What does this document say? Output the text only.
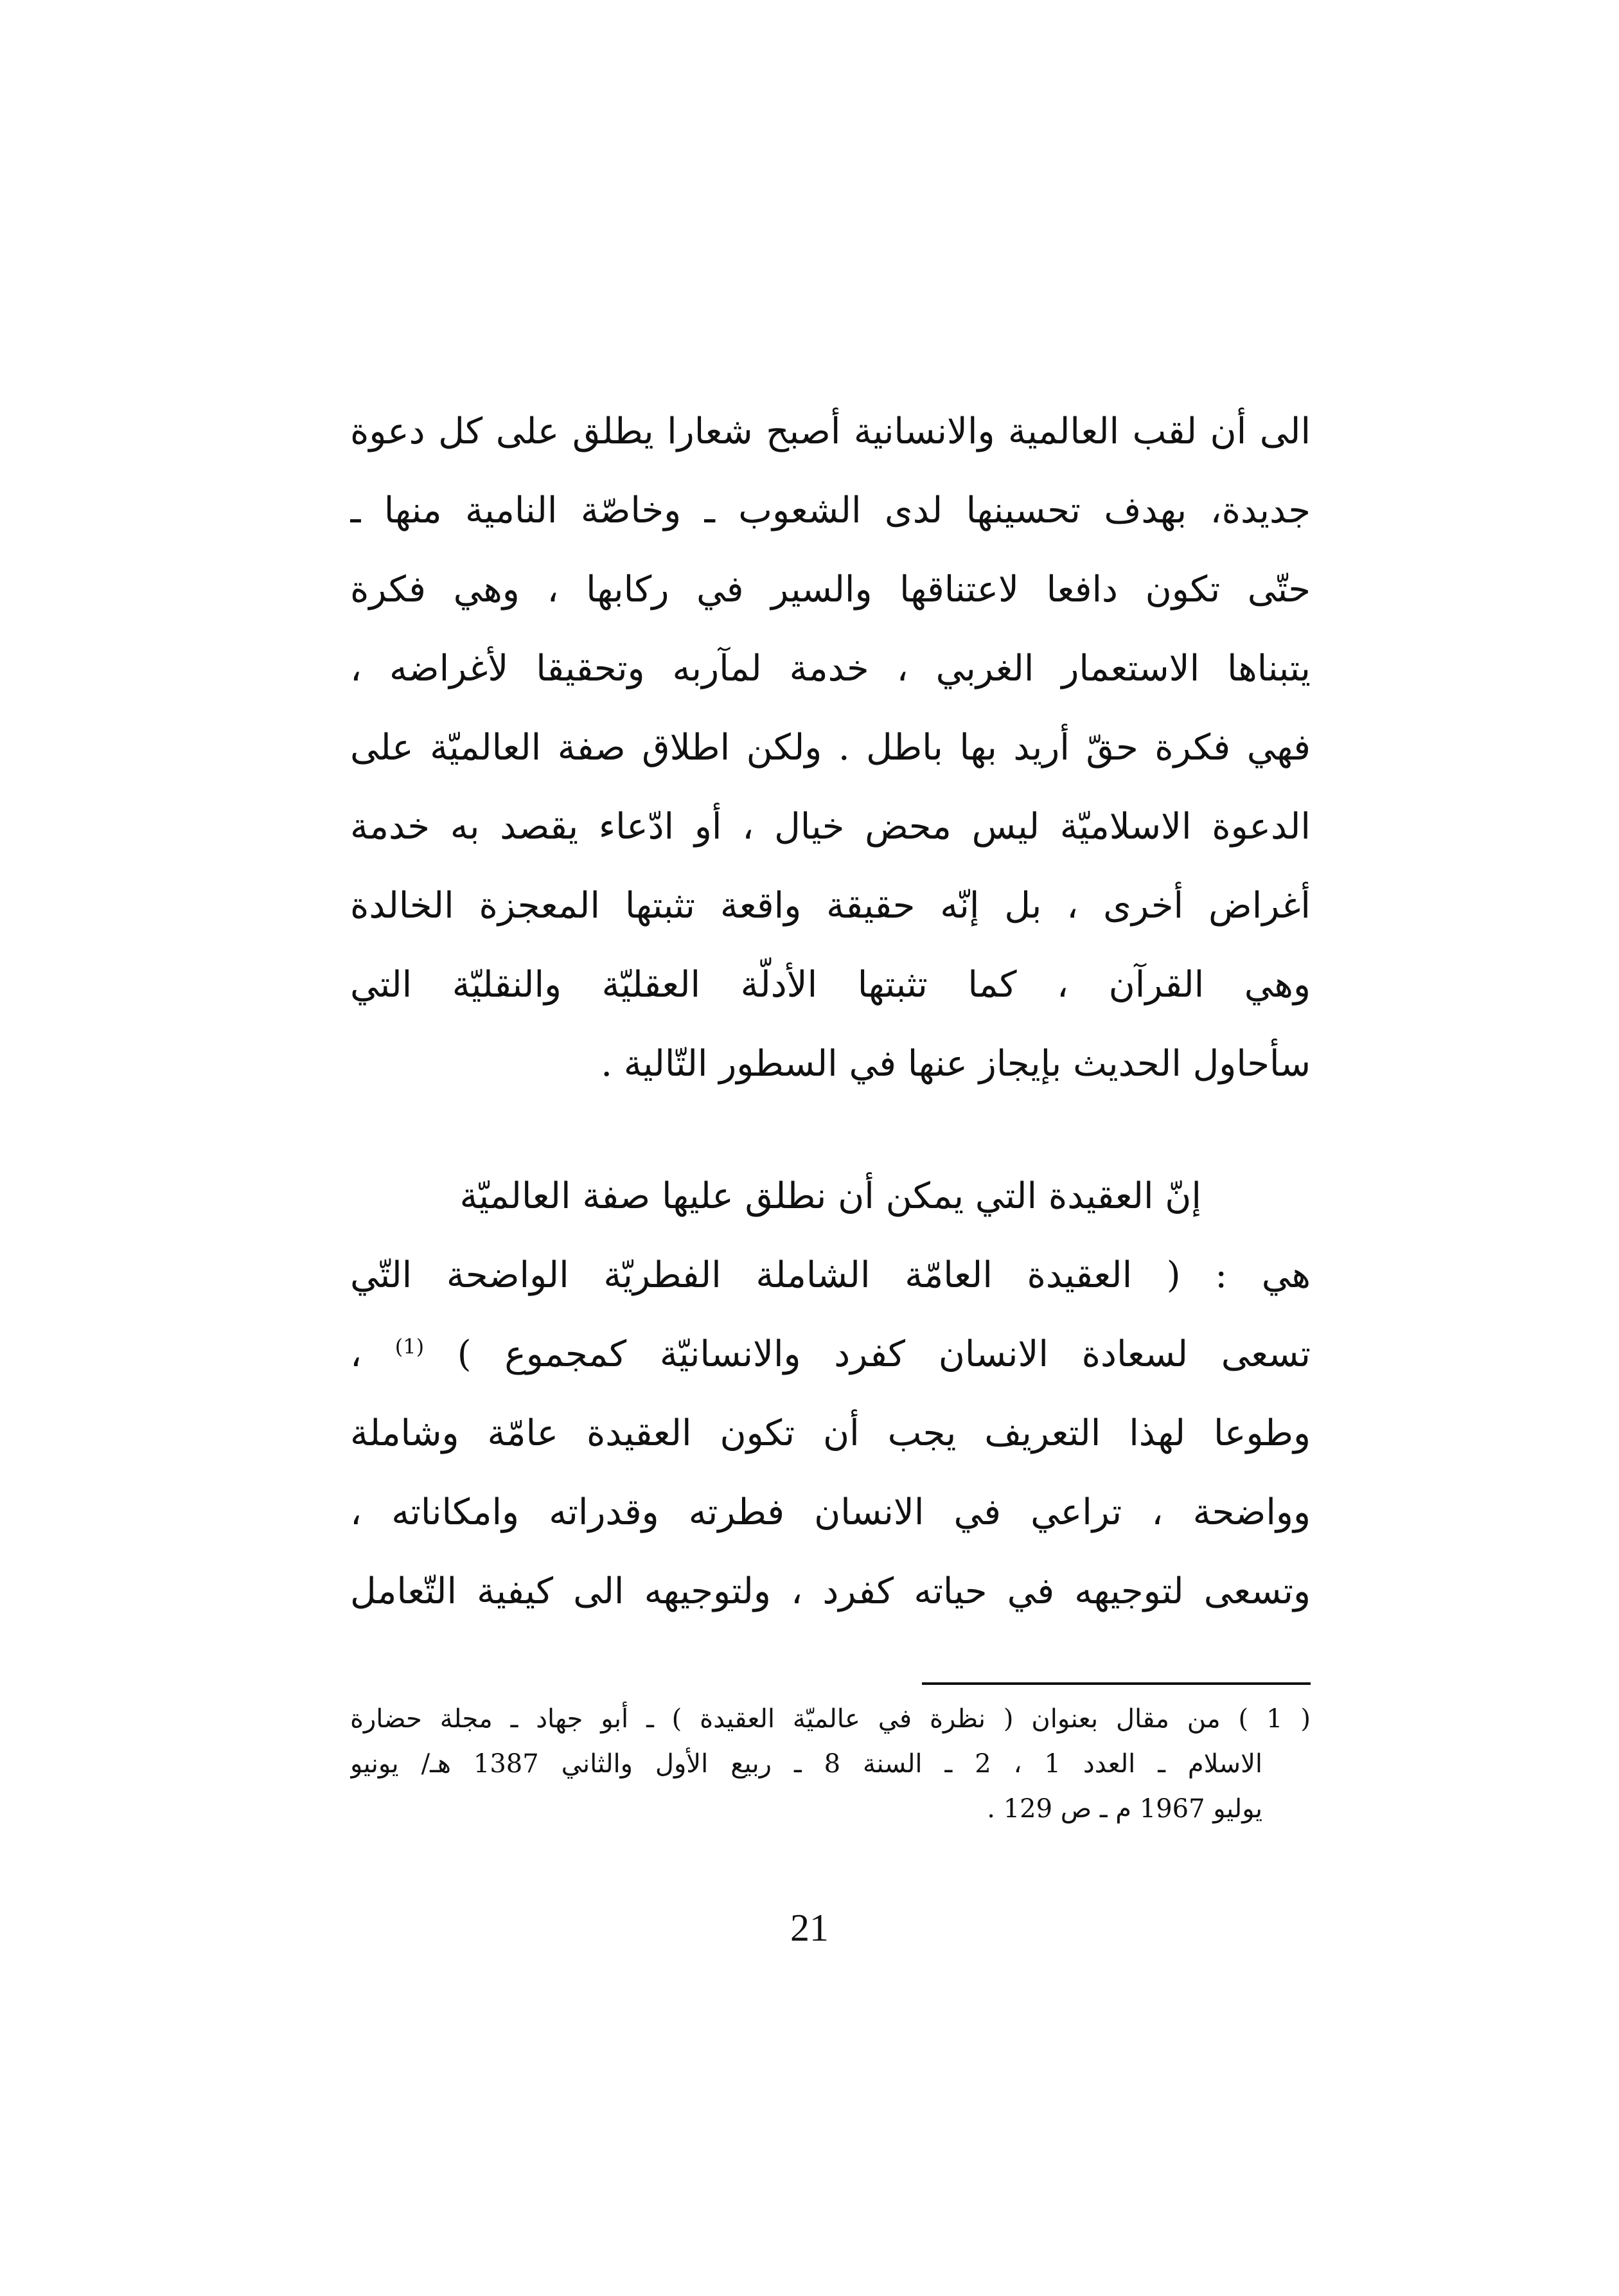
الى أن لقب العالمية والانسانية أصبح شعارا يطلق على كل دعوة
جديدة، بهدف تحسينها لدى الشعوب ـ وخاصّة النامية منها ـ
حتّى تكون دافعا لاعتناقها والسير في ركابها ، وهي فكرة
يتبناها الاستعمار الغربي ، خدمة لمآربه وتحقيقا لأغراضه ،
فهي فكرة حقّ أريد بها باطل . ولكن اطلاق صفة العالميّة على
الدعوة الاسلاميّة ليس محض خيال ، أو ادّعاء يقصد به خدمة
أغراض أخرى ، بل إنّه حقيقة واقعة تثبتها المعجزة الخالدة
وهي القرآن ، كما تثبتها الأدلّة العقليّة والنقليّة التي
سأحاول الحديث بإيجاز عنها في السطور التّالية .
إنّ العقيدة التي يمكن أن نطلق عليها صفة العالميّة
هي : ( العقيدة العامّة الشاملة الفطريّة الواضحة التّي
تسعى لسعادة الانسان كفرد والانسانيّة كمجموع ) $^{(1)}$ ،
وطوعا لهذا التعريف يجب أن تكون العقيدة عامّة وشاملة
وواضحة ، تراعي في الانسان فطرته وقدراته وامكاناته ،
وتسعى لتوجيهه في حياته كفرد ، ولتوجيهه الى كيفية التّعامل
( 1 ) من مقال بعنوان ( نظرة في عالميّة العقيدة ) ـ أبو جهاد ـ مجلة حضارة
الاسلام ـ العدد 1 ، 2 ـ السنة 8 ـ ربيع الأول والثاني 1387 هـ/ يونيو
يوليو 1967 م ـ ص 129 .
21
